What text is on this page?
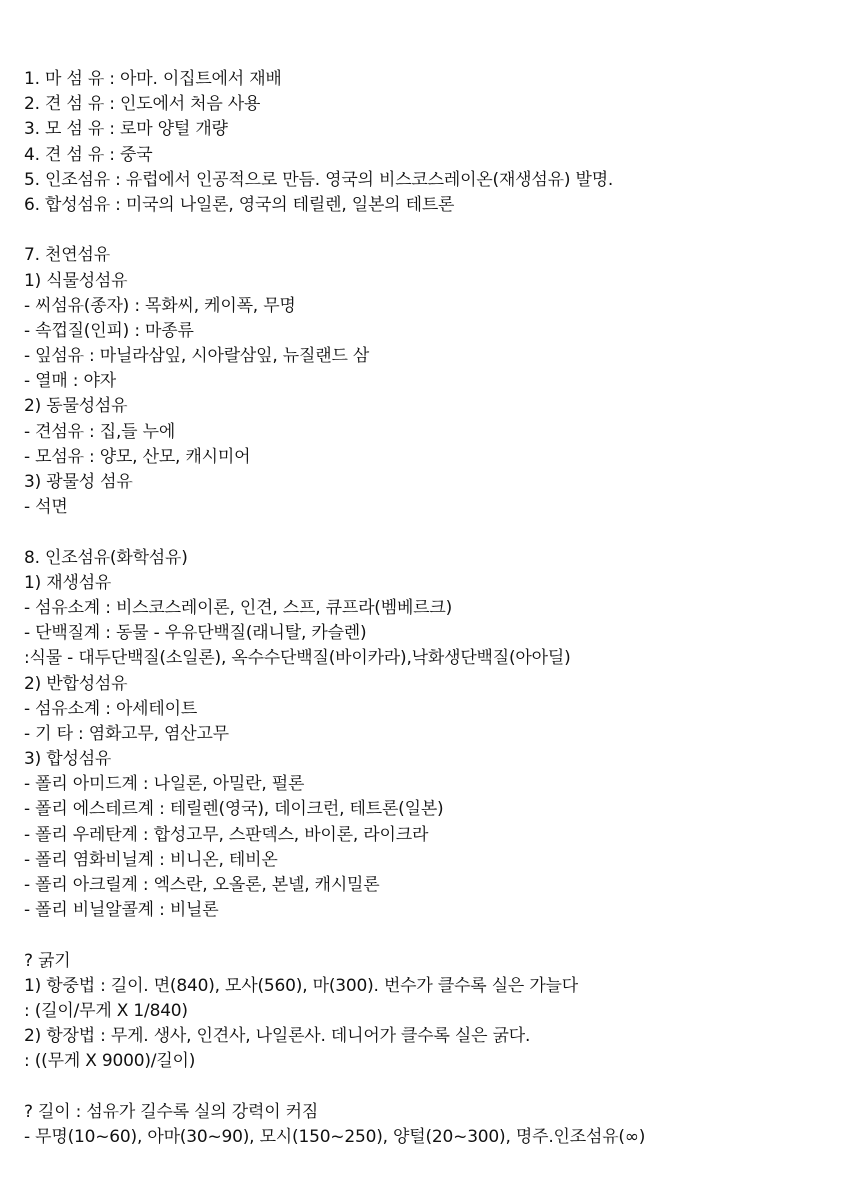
1. 마 섬 유 : 아마. 이집트에서 재배
2. 견 섬 유 : 인도에서 처음 사용
3. 모 섬 유 : 로마 양털 개량
4. 견 섬 유 : 중국
5. 인조섬유 : 유럽에서 인공적으로 만듬. 영국의 비스코스레이온(재생섬유) 발명.
6. 합성섬유 : 미국의 나일론, 영국의 테릴렌, 일본의 테트론
7. 천연섬유
1) 식물성섬유
- 씨섬유(종자) : 목화씨, 케이폭, 무명
- 속껍질(인피) : 마종류
- 잎섬유 : 마닐라삼잎, 시아랄삼잎, 뉴질랜드 삼
- 열매 : 야자
2) 동물성섬유
- 견섬유 : 집,들 누에
- 모섬유 : 양모, 산모, 캐시미어
3) 광물성 섬유
- 석면
8. 인조섬유(화학섬유)
1) 재생섬유
- 섬유소계 : 비스코스레이론, 인견, 스프, 큐프라(벰베르크)
- 단백질계 : 동물 - 우유단백질(래니탈, 카슬렌)
:식물 - 대두단백질(소일론), 옥수수단백질(바이카라),낙화생단백질(아아딜)
2) 반합성섬유
- 섬유소계 : 아세테이트
- 기 타 : 염화고무, 염산고무
3) 합성섬유
- 폴리 아미드계 : 나일론, 아밀란, 펄론
- 폴리 에스테르계 : 테릴렌(영국), 데이크런, 테트론(일본)
- 폴리 우레탄계 : 합성고무, 스판덱스, 바이론, 라이크라
- 폴리 염화비닐계 : 비니온, 테비온
- 폴리 아크릴계 : 엑스란, 오올론, 본넬, 캐시밀론
- 폴리 비닐알콜계 : 비닐론
? 굵기
1) 항중법 : 길이. 면(840), 모사(560), 마(300). 번수가 클수록 실은 가늘다
: (길이/무게 X 1/840)
2) 항장법 : 무게. 생사, 인견사, 나일론사. 데니어가 클수록 실은 굵다.
: ((무게 X 9000)/길이)
? 길이 : 섬유가 길수록 실의 강력이 커짐
- 무명(10~60), 아마(30~90), 모시(150~250), 양털(20~300), 명주.인조섬유(∞)
